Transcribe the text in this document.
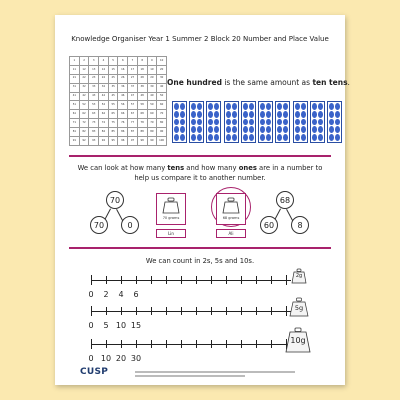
Knowledge Organiser Year 1 Summer 2 Block 20 Number and Place Value
1	2	3	4	5	6	7	8	9	10
11	12	13	14	15	16	17	18	19	20
21	22	23	24	25	26	27	28	29	30
31	32	33	34	35	36	37	38	39	40
41	42	43	44	45	46	47	48	49	50
51	52	53	54	55	56	57	58	59	60
61	62	63	64	65	66	67	68	69	70
71	72	73	74	75	76	77	78	79	80
81	82	83	84	85	86	87	88	89	90
91	92	93	94	95	96	97	98	99	100
One hundred is the same amount as ten tens.
We can look at how many tens and how many ones are in a number to
help us compare it to another number.
70
70	0
70 grams
Lin
68 grams
Ali
68
60	8
We can count in 2s, 5s and 10s.
0 2 4 6
0 5 10 15
0 10 20 30
2g
5g
10g
CUSP
